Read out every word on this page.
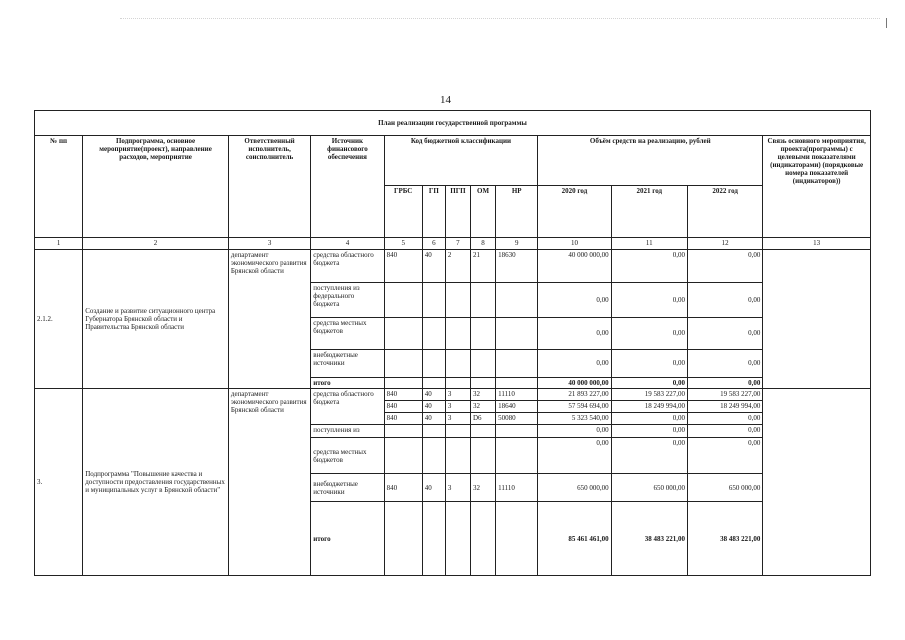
14
План реализации государственной программы												
№ пп	Подпрограмма, основное мероприятие(проект), направление расходов, мероприятие	Ответственный исполнитель, соисполнитель	Источник финансового обеспечения	Код бюджетной классификации					Объём средств на реализацию, рублей			Связь основного мероприятия, проекта(программы) с целевыми показателями (индикаторами) (порядковые номера показателей (индикаторов))
				ГРБС	ГП	ПГП	ОМ	НР	2020 год	2021 год	2022 год	
1	2	3	4	5	6	7	8	9	10	11	12	13
2.1.2.	Создание и развитие ситуационного центра Губернатора Брянской области и Правительства Брянской области	департамент экономического развития Брянской области	средства областного бюджета	840	40	2	21	18630	40 000 000,00	0,00	0,00	
			поступления из федерального бюджета						0,00	0,00	0,00	
			средства местных бюджетов						0,00	0,00	0,00	
			внебюджетные источники						0,00	0,00	0,00	
			итого						40 000 000,00	0,00	0,00	
3.	Подпрограмма "Повышение качества и доступности предоставления государственных и муниципальных услуг в Брянской области"	департамент экономического развития Брянской области	средства областного бюджета	840	40	3	32	11110	21 893 227,00	19 583 227,00	19 583 227,00	
				840	40	3	32	18640	57 594 694,00	18 249 994,00	18 249 994,00	
				840	40	3	D6	50080	5 323 540,00	0,00	0,00	
			поступления из						0,00	0,00	0,00	
			средства местных бюджетов						0,00	0,00	0,00	
			внебюджетные источники	840	40	3	32	11110	650 000,00	650 000,00	650 000,00	
			итого						85 461 461,00	38 483 221,00	38 483 221,00	
